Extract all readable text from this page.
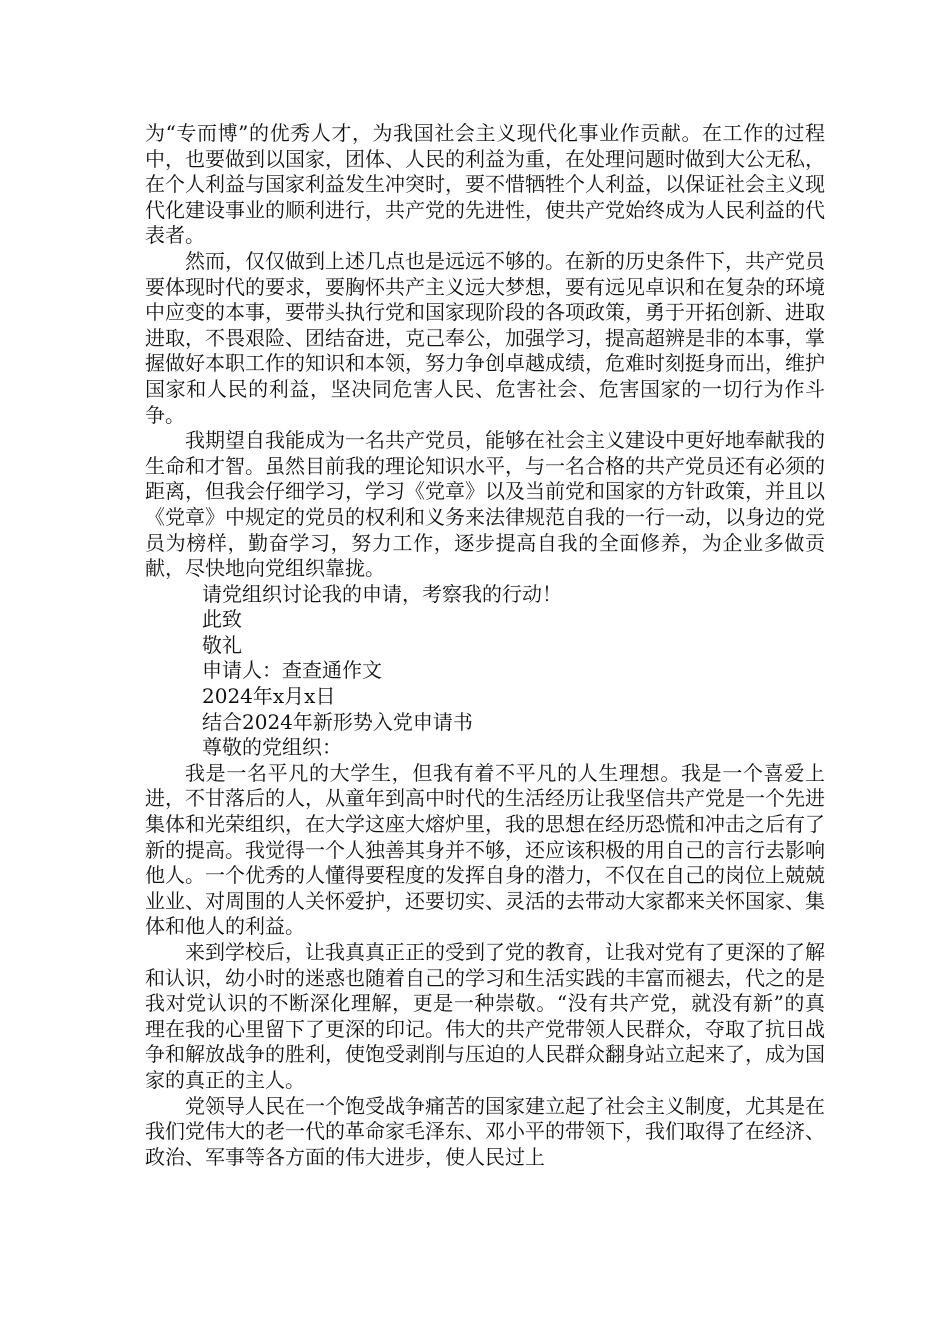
为“专而博”的优秀人才，为我国社会主义现代化事业作贡献。在工作的过程中，也要做到以国家，团体、人民的利益为重，在处理问题时做到大公无私，在个人利益与国家利益发生冲突时，要不惜牺牲个人利益，以保证社会主义现代化建设事业的顺利进行，共产党的先进性，使共产党始终成为人民利益的代表者。

然而，仅仅做到上述几点也是远远不够的。在新的历史条件下，共产党员要体现时代的要求，要胸怀共产主义远大梦想，要有远见卓识和在复杂的环境中应变的本事，要带头执行党和国家现阶段的各项政策，勇于开拓创新、进取进取，不畏艰险、团结奋进，克己奉公，加强学习，提高超辨是非的本事，掌握做好本职工作的知识和本领，努力争创卓越成绩，危难时刻挺身而出，维护国家和人民的利益，坚决同危害人民、危害社会、危害国家的一切行为作斗争。

我期望自我能成为一名共产党员，能够在社会主义建设中更好地奉献我的生命和才智。虽然目前我的理论知识水平，与一名合格的共产党员还有必须的距离，但我会仔细学习，学习《党章》以及当前党和国家的方针政策，并且以《党章》中规定的党员的权利和义务来法律规范自我的一行一动，以身边的党员为榜样，勤奋学习，努力工作，逐步提高自我的全面修养，为企业多做贡献，尽快地向党组织靠拢。

请党组织讨论我的申请，考察我的行动！

此致

敬礼

申请人：查查通作文

2024年x月x日

结合2024年新形势入党申请书

尊敬的党组织：

我是一名平凡的大学生，但我有着不平凡的人生理想。我是一个喜爱上进，不甘落后的人，从童年到高中时代的生活经历让我坚信共产党是一个先进集体和光荣组织，在大学这座大熔炉里，我的思想在经历恐慌和冲击之后有了新的提高。我觉得一个人独善其身并不够，还应该积极的用自己的言行去影响他人。一个优秀的人懂得要程度的发挥自身的潜力，不仅在自己的岗位上兢兢业业、对周围的人关怀爱护，还要切实、灵活的去带动大家都来关怀国家、集体和他人的利益。

来到学校后，让我真真正正的受到了党的教育，让我对党有了更深的了解和认识，幼小时的迷惑也随着自己的学习和生活实践的丰富而褪去，代之的是我对党认识的不断深化理解，更是一种崇敬。“没有共产党，就没有新”的真理在我的心里留下了更深的印记。伟大的共产党带领人民群众，夺取了抗日战争和解放战争的胜利，使饱受剥削与压迫的人民群众翻身站立起来了，成为国家的真正的主人。

党领导人民在一个饱受战争痛苦的国家建立起了社会主义制度，尤其是在我们党伟大的老一代的革命家毛泽东、邓小平的带领下，我们取得了在经济、政治、军事等各方面的伟大进步，使人民过上
